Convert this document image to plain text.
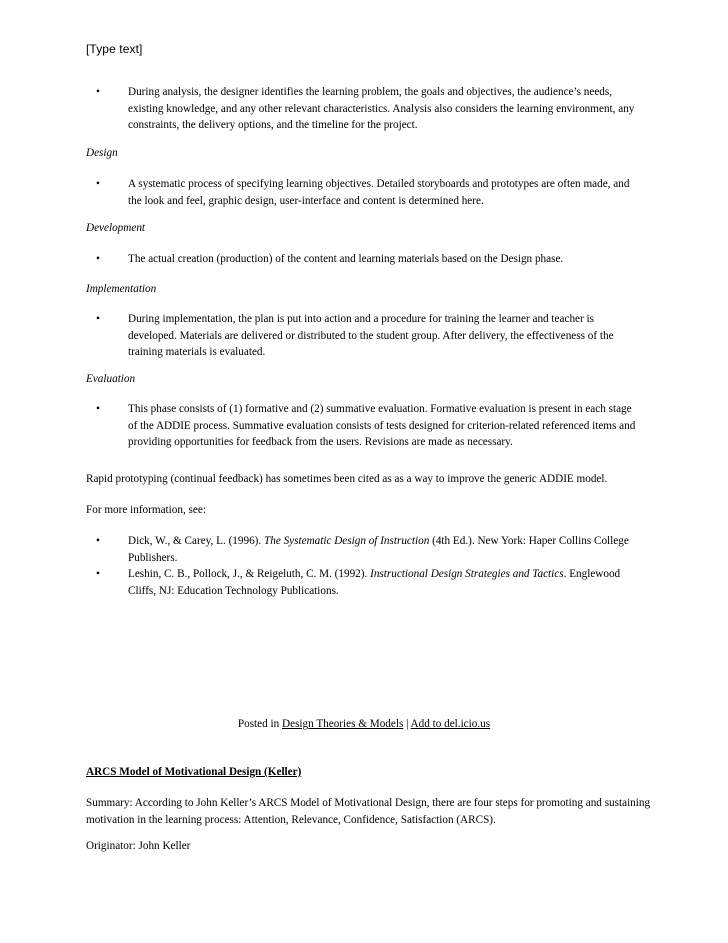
[Type text]
•	During analysis, the designer identifies the learning problem, the goals and objectives, the audience’s needs, existing knowledge, and any other relevant characteristics. Analysis also considers the learning environment, any constraints, the delivery options, and the timeline for the project.
Design
•	A systematic process of specifying learning objectives. Detailed storyboards and prototypes are often made, and the look and feel, graphic design, user-interface and content is determined here.
Development
•	The actual creation (production) of the content and learning materials based on the Design phase.
Implementation
•	During implementation, the plan is put into action and a procedure for training the learner and teacher is developed. Materials are delivered or distributed to the student group. After delivery, the effectiveness of the training materials is evaluated.
Evaluation
•	This phase consists of (1) formative and (2) summative evaluation. Formative evaluation is present in each stage of the ADDIE process. Summative evaluation consists of tests designed for criterion-related referenced items and providing opportunities for feedback from the users. Revisions are made as necessary.
Rapid prototyping (continual feedback) has sometimes been cited as as a way to improve the generic ADDIE model.
For more information, see:
•	Dick, W., & Carey, L. (1996). The Systematic Design of Instruction (4th Ed.). New York: Haper Collins College Publishers.
•	Leshin, C. B., Pollock, J., & Reigeluth, C. M. (1992). Instructional Design Strategies and Tactics. Englewood Cliffs, NJ: Education Technology Publications.
Posted in Design Theories & Models | Add to del.icio.us
ARCS Model of Motivational Design (Keller)
Summary: According to John Keller’s ARCS Model of Motivational Design, there are four steps for promoting and sustaining motivation in the learning process: Attention, Relevance, Confidence, Satisfaction (ARCS).
Originator: John Keller
